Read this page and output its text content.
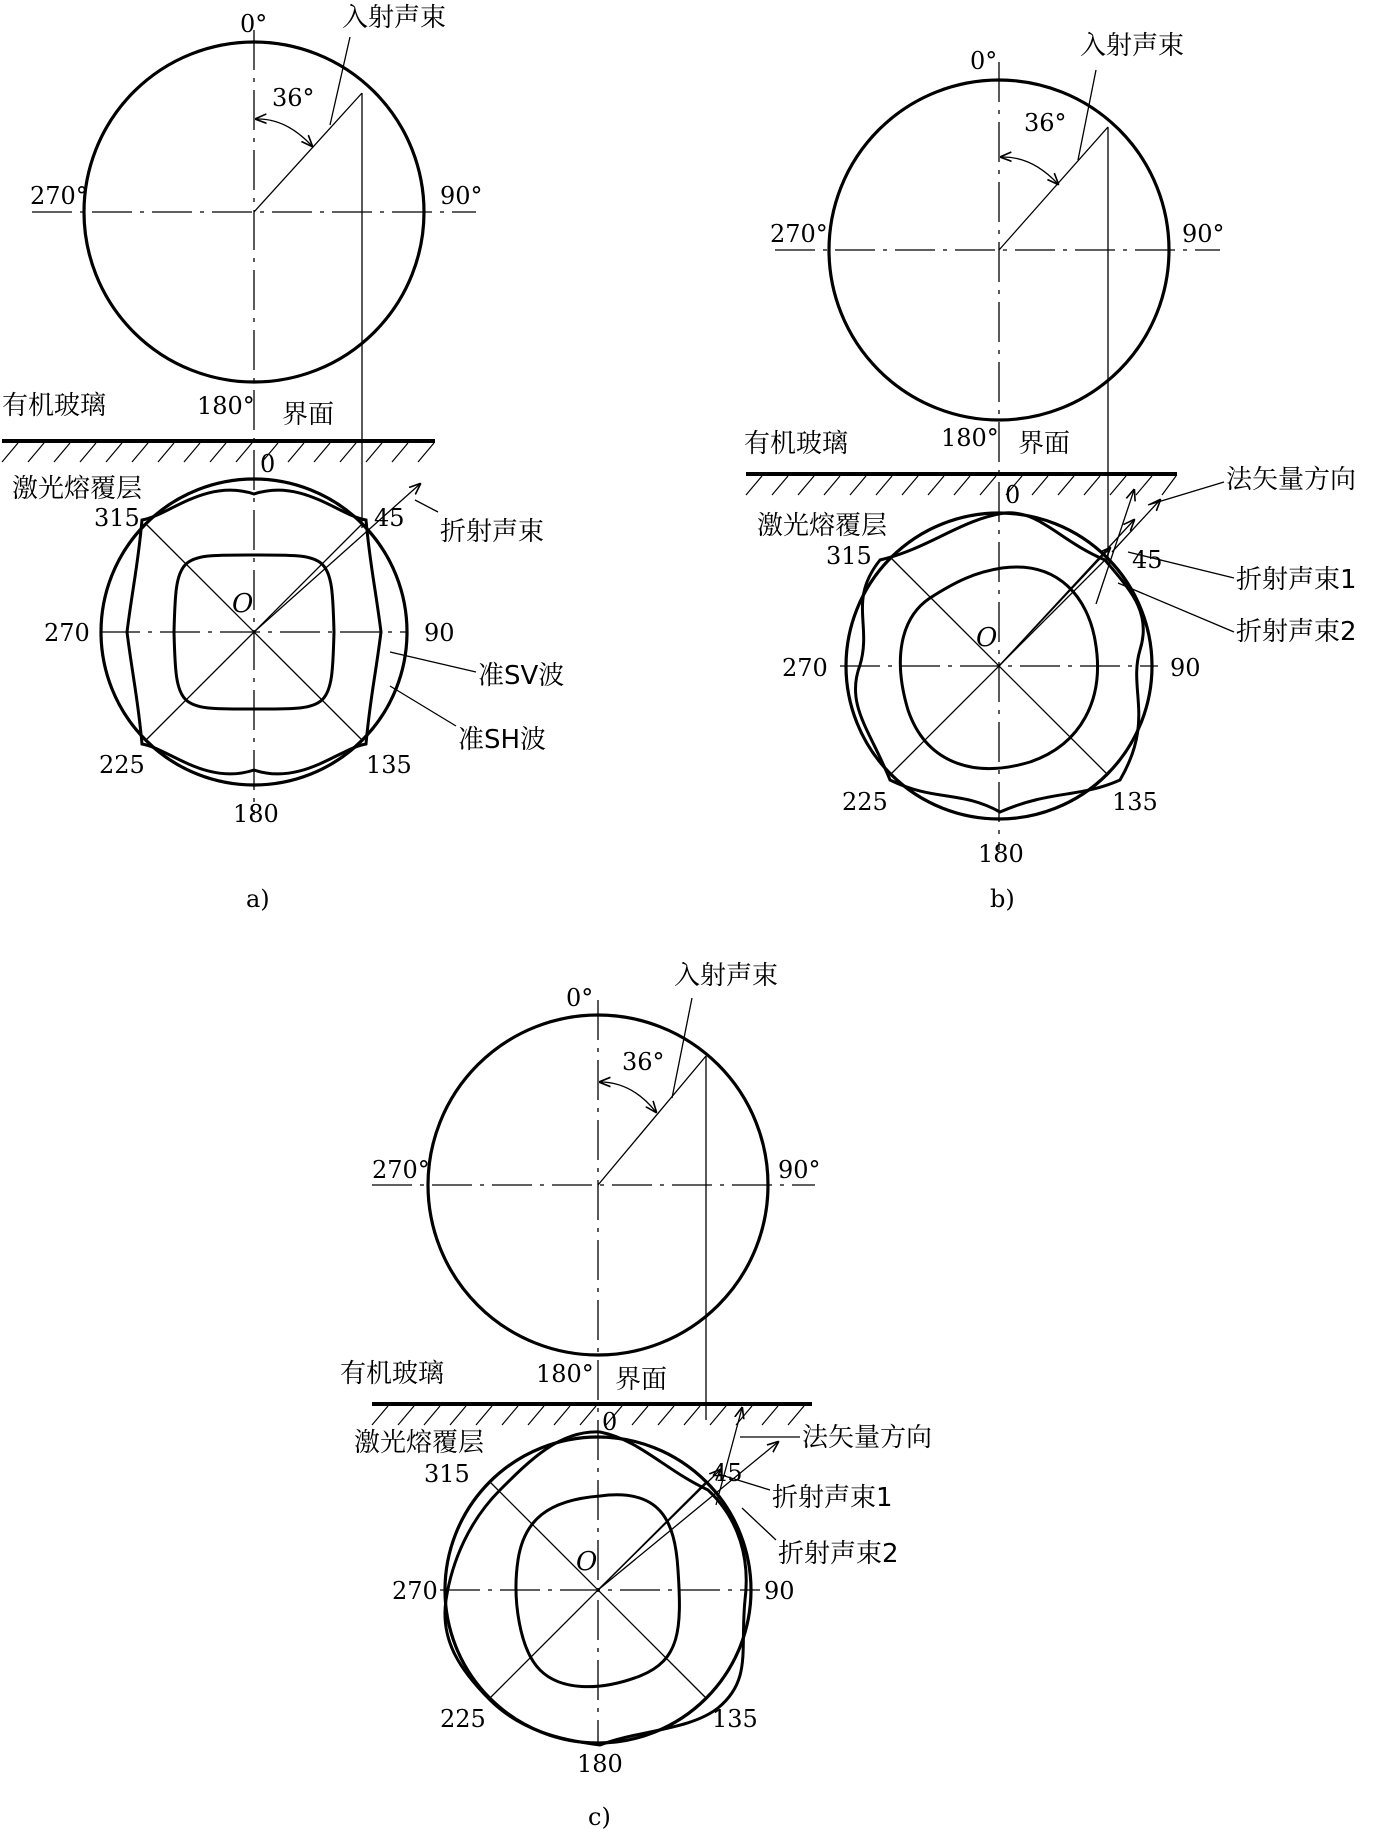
0°
36°
入射声束
270°	90°
180°
有机玻璃	界面
激光熔覆层
O
0
45
90
135
180
225
270
315	折射声束
准SV波
准SH波
a)
0°
36°
入射声束
270°	90°
180°
有机玻璃	界面
激光熔覆层
O
0
45
90
135
180
225
270
315
法矢量方向
折射声束1
折射声束2
b)
0°
36°
入射声束
270°	90°
180°
有机玻璃	界面
激光熔覆层
O
0
45
90
135
180
225
270
315
法矢量方向
折射声束1
折射声束2
c)
